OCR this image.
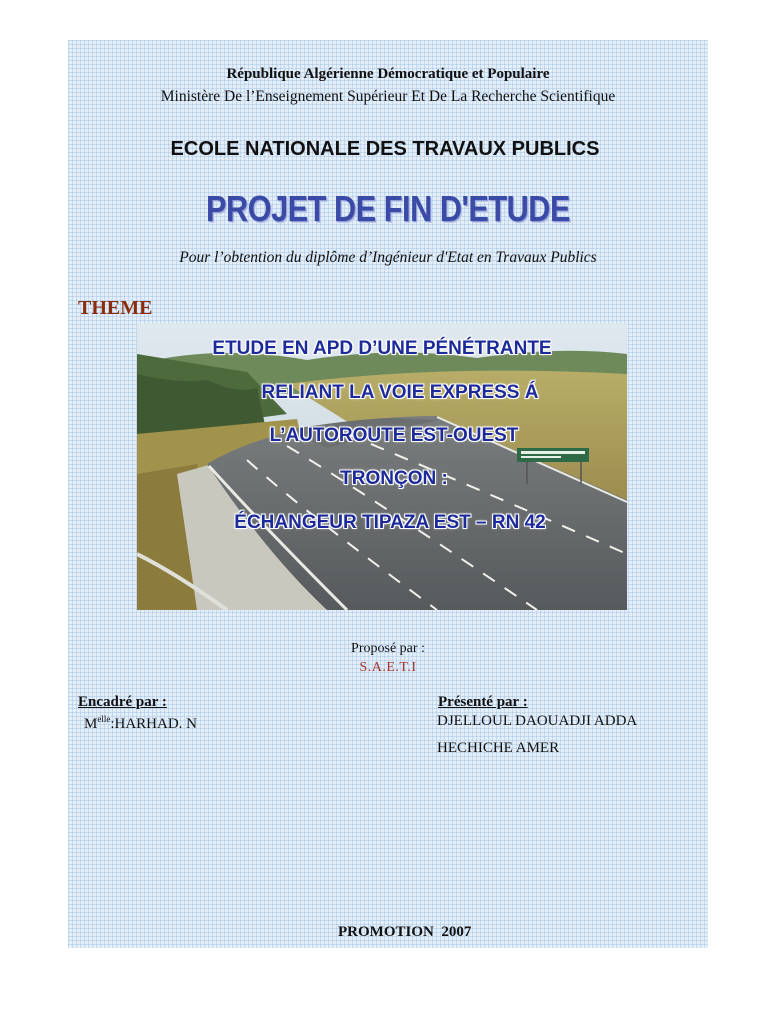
République Algérienne Démocratique et Populaire
Ministère De l’Enseignement Supérieur Et De La Recherche Scientifique
ECOLE NATIONALE DES TRAVAUX PUBLICS
PROJET DE FIN D'ETUDE
Pour l’obtention du diplôme d’Ingénieur d'Etat en Travaux Publics
THEME
ETUDE EN APD D’UNE PÉNÉTRANTE
RELIANT LA VOIE EXPRESS Á
L’AUTOROUTE EST-OUEST
TRONÇON :
ÉCHANGEUR TIPAZA EST – RN 42
Proposé par :
S.A.E.T.I
Encadré par :	Présenté par :
$M^{elle}:HARHAD$. N	DJELLOUL DAOUADJI ADDA
HECHICHE AMER
PROMOTION 2007
